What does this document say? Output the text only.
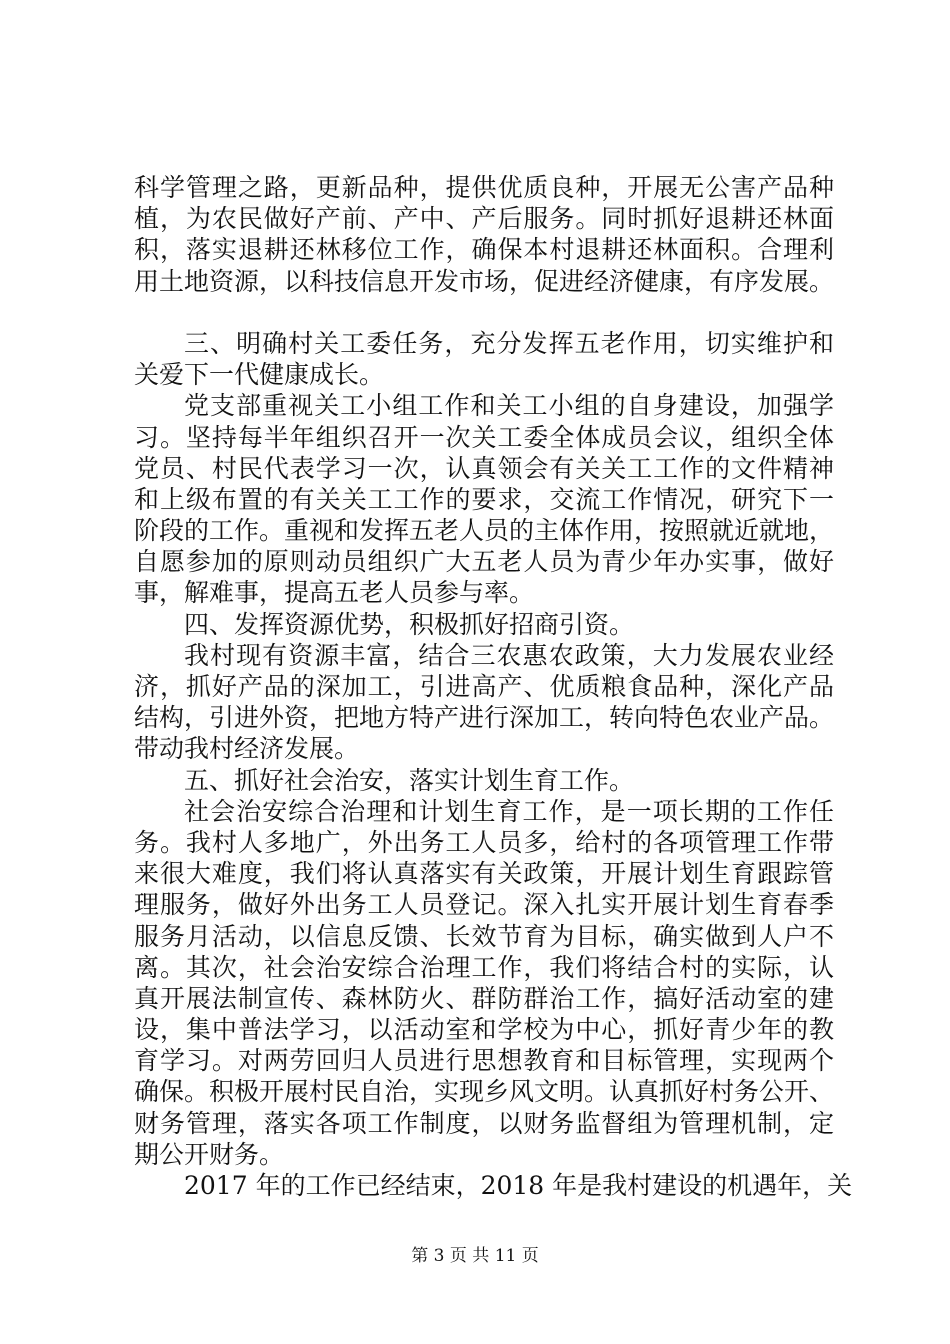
科学管理之路，更新品种，提供优质良种，开展无公害产品种
植，为农民做好产前、产中、产后服务。同时抓好退耕还林面
积，落实退耕还林移位工作，确保本村退耕还林面积。合理利
用土地资源，以科技信息开发市场，促进经济健康，有序发展。
三、明确村关工委任务，充分发挥五老作用，切实维护和
关爱下一代健康成长。
党支部重视关工小组工作和关工小组的自身建设，加强学
习。坚持每半年组织召开一次关工委全体成员会议，组织全体
党员、村民代表学习一次，认真领会有关关工工作的文件精神
和上级布置的有关关工工作的要求，交流工作情况，研究下一
阶段的工作。重视和发挥五老人员的主体作用，按照就近就地，
自愿参加的原则动员组织广大五老人员为青少年办实事，做好
事，解难事，提高五老人员参与率。
四、发挥资源优势，积极抓好招商引资。
我村现有资源丰富，结合三农惠农政策，大力发展农业经
济，抓好产品的深加工，引进高产、优质粮食品种，深化产品
结构，引进外资，把地方特产进行深加工，转向特色农业产品。
带动我村经济发展。
五、抓好社会治安，落实计划生育工作。
社会治安综合治理和计划生育工作，是一项长期的工作任
务。我村人多地广，外出务工人员多，给村的各项管理工作带
来很大难度，我们将认真落实有关政策，开展计划生育跟踪管
理服务，做好外出务工人员登记。深入扎实开展计划生育春季
服务月活动，以信息反馈、长效节育为目标，确实做到人户不
离。其次，社会治安综合治理工作，我们将结合村的实际，认
真开展法制宣传、森林防火、群防群治工作，搞好活动室的建
设，集中普法学习，以活动室和学校为中心，抓好青少年的教
育学习。对两劳回归人员进行思想教育和目标管理，实现两个
确保。积极开展村民自治，实现乡风文明。认真抓好村务公开、
财务管理，落实各项工作制度，以财务监督组为管理机制，定
期公开财务。
2017 年的工作已经结束，2018 年是我村建设的机遇年，关
第 3 页 共 11 页
